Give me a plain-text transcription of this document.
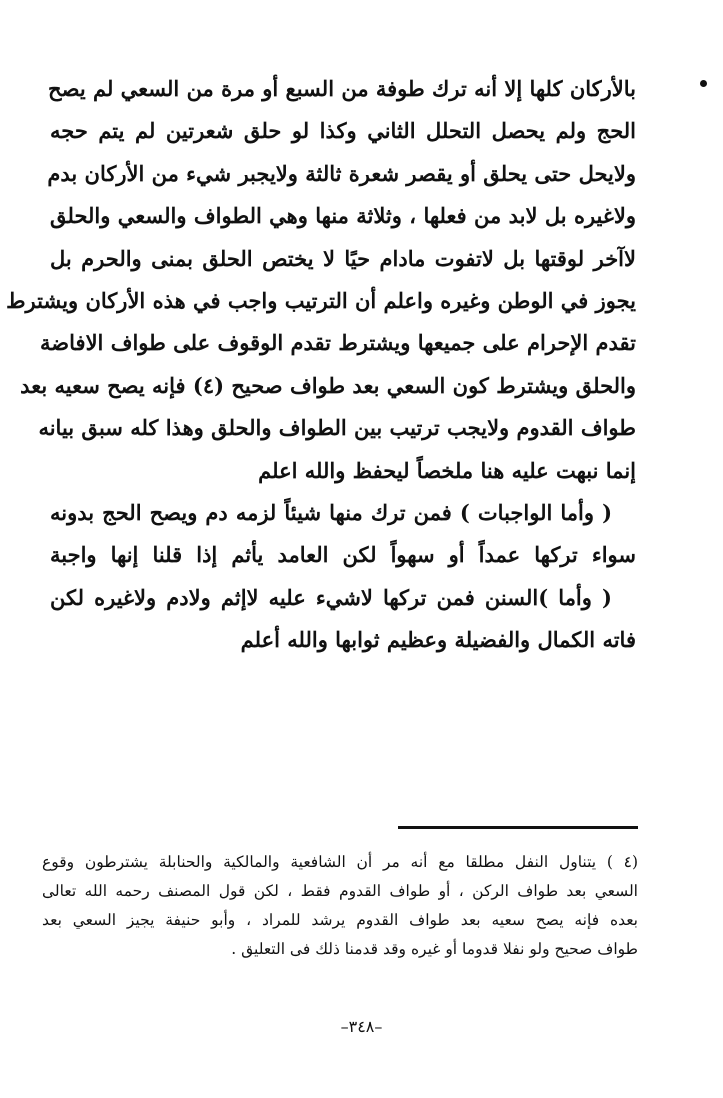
بالأركان كلها إلا أنه ترك طوفة من السبع أو مرة من السعي لم يصح
الحج ولم يحصل التحلل الثاني وكذا لو حلق شعرتين لم يتم حجه
ولايحل حتى يحلق أو يقصر شعرة ثالثة ولايجبر شيء من الأركان بدم
ولاغيره بل لابد من فعلها ، وثلاثة منها وهي الطواف والسعي والحلق
لاآخر لوقتها بل لاتفوت مادام حيًا لا يختص الحلق بمنى والحرم بل
يجوز في الوطن وغيره واعلم أن الترتيب واجب في هذه الأركان ويشترط
تقدم الإحرام على جميعها ويشترط تقدم الوقوف على طواف الافاضة
والحلق ويشترط كون السعي بعد طواف صحيح (٤) فإنه يصح سعيه بعد
طواف القدوم ولايجب ترتيب بين الطواف والحلق وهذا كله سبق بيانه
إنما نبهت عليه هنا ملخصاً ليحفظ والله اعلم
( وأما الواجبات ) فمن ترك منها شيئاً لزمه دم ويصح الحج بدونه
سواء تركها عمداً أو سهواً لكن العامد يأثم إذا قلنا إنها واجبة
( وأما )السنن فمن تركها لاشيء عليه لاإثم ولادم ولاغيره لكن
فاته الكمال والفضيلة وعظيم ثوابها والله أعلم
(٤ ) يتناول النفل مطلقا مع أنه مر أن الشافعية والمالكية والحنابلة يشترطون وقوع
السعي بعد طواف الركن ، أو طواف القدوم فقط ، لكن قول المصنف رحمه الله تعالى
بعده فإنه يصح سعيه بعد طواف القدوم يرشد للمراد ، وأبو حنيفة يجيز السعي بعد
طواف صحيح ولو نفلا قدوما أو غيره وقد قدمنا ذلك فى التعليق .
–٣٤٨–
